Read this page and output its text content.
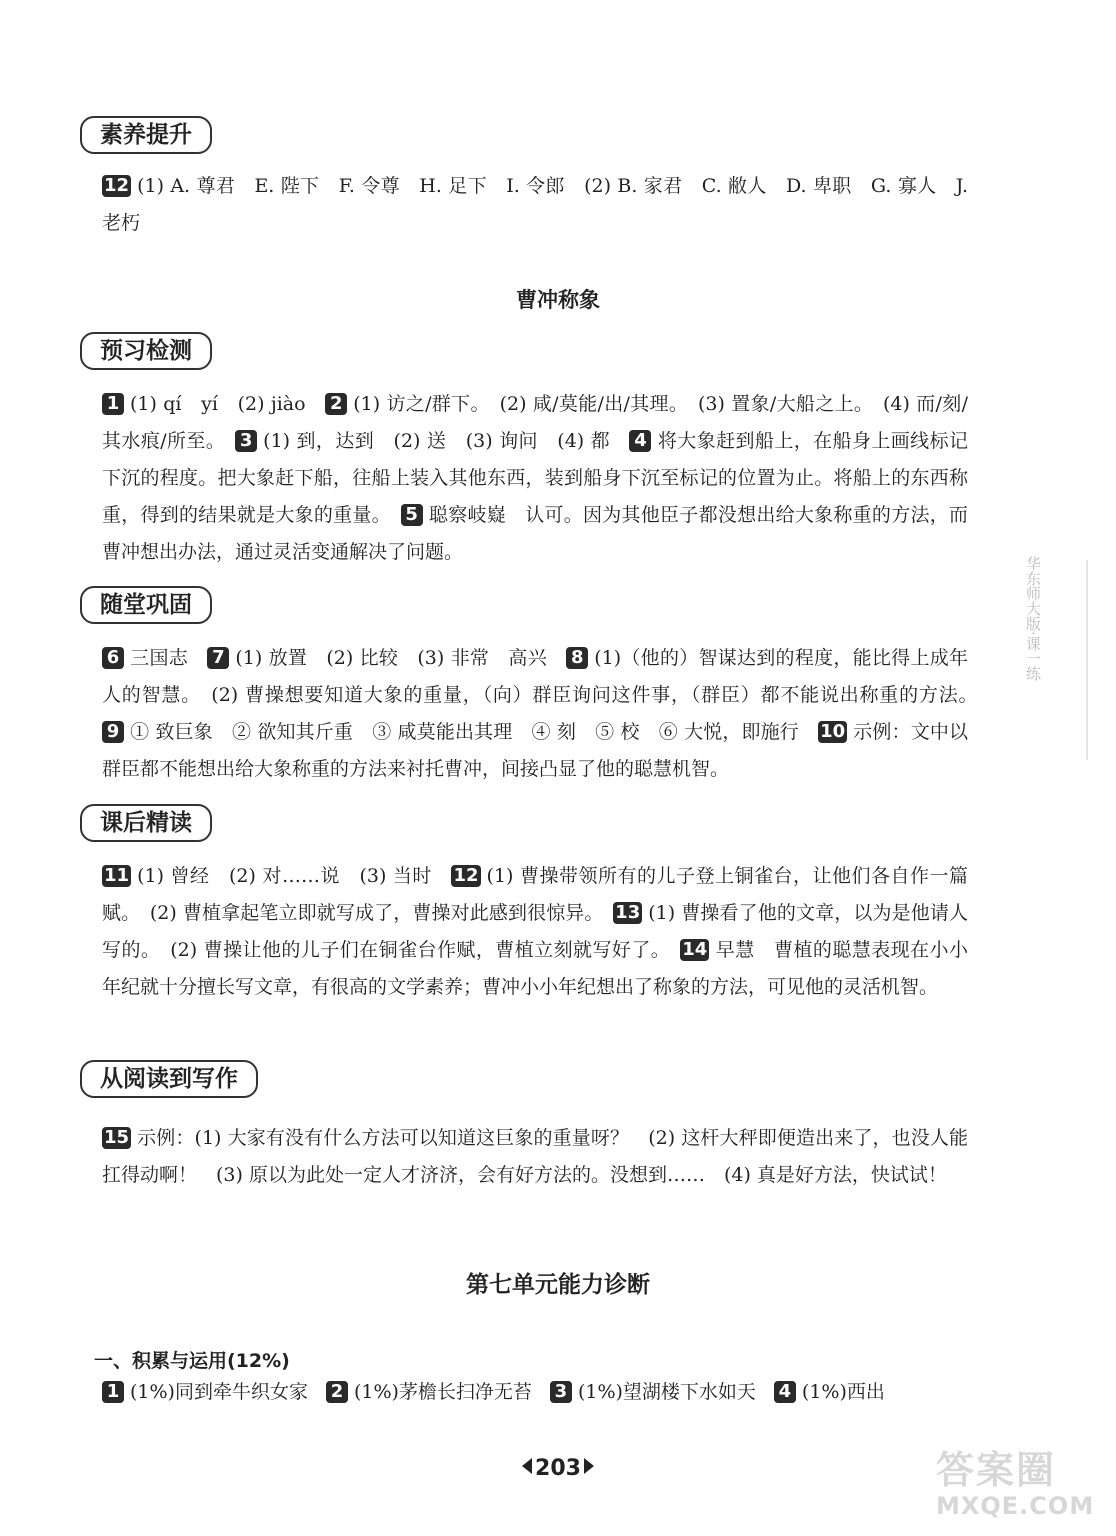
素养提升
12 (1) A. 尊君　E. 陛下　F. 令尊　H. 足下　I. 令郎　(2) B. 家君　C. 敝人　D. 卑职　G. 寡人　J. 老朽
曹冲称象
预习检测
1 (1) qí　yí　(2) jiào　2 (1) 访之/群下。　(2) 咸/莫能/出/其理。　(3) 置象/大船之上。　(4) 而/刻/其水痕/所至。　3 (1) 到，达到　(2) 送　(3) 询问　(4) 都　4 将大象赶到船上，在船身上画线标记下沉的程度。把大象赶下船，往船上装入其他东西，装到船身下沉至标记的位置为止。将船上的东西称重，得到的结果就是大象的重量。　5 聪察岐嶷　认可。因为其他臣子都没想出给大象称重的方法，而曹冲想出办法，通过灵活变通解决了问题。
随堂巩固
6 三国志　7 (1) 放置　(2) 比较　(3) 非常　高兴　8 (1)（他的）智谋达到的程度，能比得上成年人的智慧。　(2) 曹操想要知道大象的重量，（向）群臣询问这件事，（群臣）都不能说出称重的方法。　9 ① 致巨象　② 欲知其斤重　③ 咸莫能出其理　④ 刻　⑤ 校　⑥ 大悦，即施行　10 示例：文中以群臣都不能想出给大象称重的方法来衬托曹冲，间接凸显了他的聪慧机智。
课后精读
11 (1) 曾经　(2) 对……说　(3) 当时　12 (1) 曹操带领所有的儿子登上铜雀台，让他们各自作一篇赋。　(2) 曹植拿起笔立即就写成了，曹操对此感到很惊异。　13 (1) 曹操看了他的文章，以为是他请人写的。　(2) 曹操让他的儿子们在铜雀台作赋，曹植立刻就写好了。　14 早慧　曹植的聪慧表现在小小年纪就十分擅长写文章，有很高的文学素养；曹冲小小年纪想出了称象的方法，可见他的灵活机智。
从阅读到写作
15 示例：(1) 大家有没有什么方法可以知道这巨象的重量呀？　(2) 这杆大秤即便造出来了，也没人能扛得动啊！　(3) 原以为此处一定人才济济，会有好方法的。没想到……　(4) 真是好方法，快试试！
第七单元能力诊断
一、积累与运用(12%)
1 (1%)同到牵牛织女家 2 (1%)茅檐长扫净无苔 3 (1%)望湖楼下水如天 4 (1%)西出
华东师大版·课一练
203	答案圈
MXQE.COM
